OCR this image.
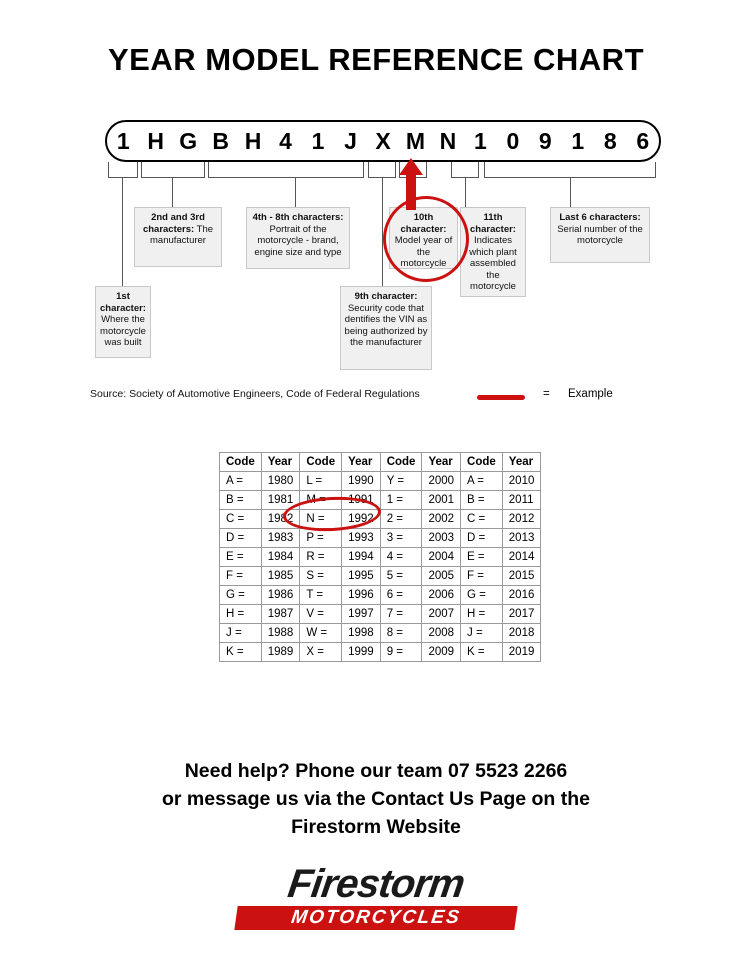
YEAR MODEL REFERENCE CHART
1 H G B H 4 1 J X M N 1 0 9 1 8 6
1st character: Where the motorcycle was built
2nd and 3rd characters: The manufacturer
4th - 8th characters: Portrait of the motorcycle - brand, engine size and type
9th character: Security code that dentifies the VIN as being authorized by the manufacturer
10th character: Model year of the motorcycle
11th character: Indicates which plant assembled the motorcycle
Last 6 characters: Serial number of the motorcycle
Source: Society of Automotive Engineers, Code of Federal Regulations	= Example
Code	Year	Code	Year	Code	Year	Code	Year
A =	1980	L =	1990	Y =	2000	A =	2010
B =	1981	M =	1991	1 =	2001	B =	2011
C =	1982	N =	1992	2 =	2002	C =	2012
D =	1983	P =	1993	3 =	2003	D =	2013
E =	1984	R =	1994	4 =	2004	E =	2014
F =	1985	S =	1995	5 =	2005	F =	2015
G =	1986	T =	1996	6 =	2006	G =	2016
H =	1987	V =	1997	7 =	2007	H =	2017
J =	1988	W =	1998	8 =	2008	J =	2018
K =	1989	X =	1999	9 =	2009	K =	2019
Need help? Phone our team 07 5523 2266
or message us via the Contact Us Page on the
Firestorm Website
Firestorm
MOTORCYCLES
